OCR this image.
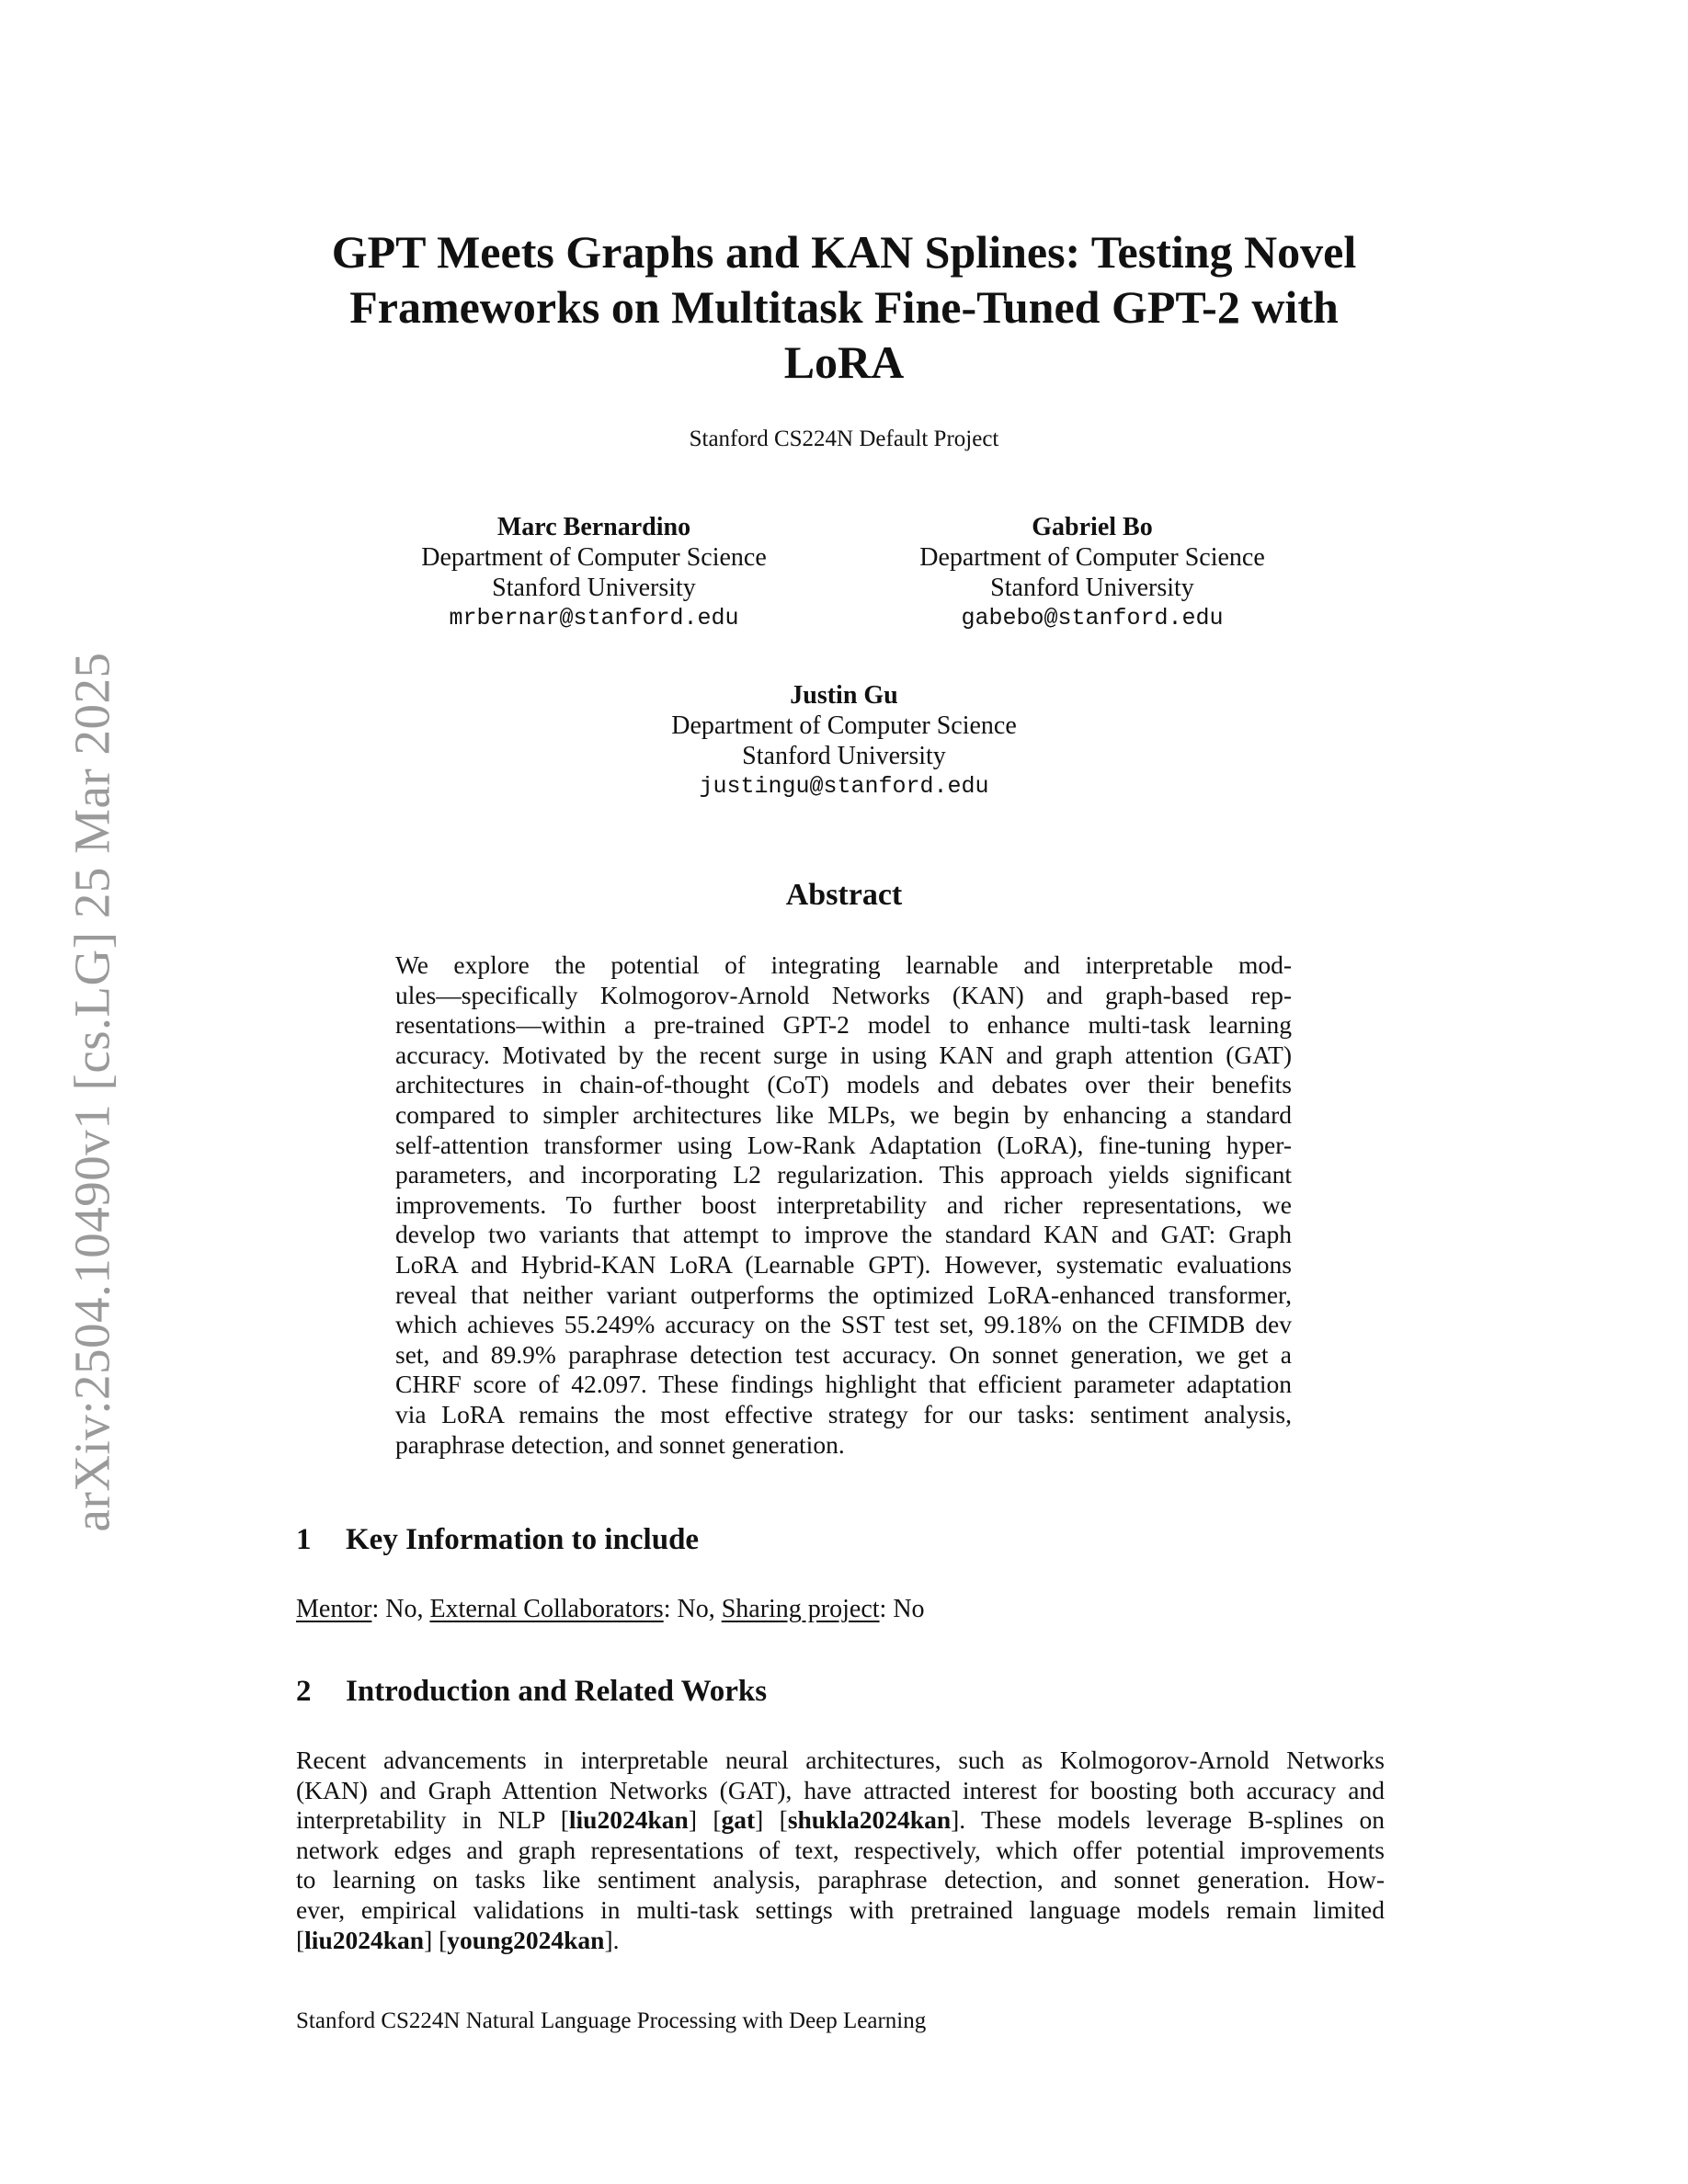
arXiv:2504.10490v1 [cs.LG] 25 Mar 2025
GPT Meets Graphs and KAN Splines: Testing Novel
Frameworks on Multitask Fine-Tuned GPT-2 with
LoRA
Stanford CS224N Default Project
Marc Bernardino
Department of Computer Science
Stanford University
mrbernar@stanford.edu
Gabriel Bo
Department of Computer Science
Stanford University
gabebo@stanford.edu
Justin Gu
Department of Computer Science
Stanford University
justingu@stanford.edu
Abstract
We explore the potential of integrating learnable and interpretable mod-
ules—specifically Kolmogorov-Arnold Networks (KAN) and graph-based rep-
resentations—within a pre-trained GPT-2 model to enhance multi-task learning
accuracy. Motivated by the recent surge in using KAN and graph attention (GAT)
architectures in chain-of-thought (CoT) models and debates over their benefits
compared to simpler architectures like MLPs, we begin by enhancing a standard
self-attention transformer using Low-Rank Adaptation (LoRA), fine-tuning hyper-
parameters, and incorporating L2 regularization. This approach yields significant
improvements. To further boost interpretability and richer representations, we
develop two variants that attempt to improve the standard KAN and GAT: Graph
LoRA and Hybrid-KAN LoRA (Learnable GPT). However, systematic evaluations
reveal that neither variant outperforms the optimized LoRA-enhanced transformer,
which achieves 55.249% accuracy on the SST test set, 99.18% on the CFIMDB dev
set, and 89.9% paraphrase detection test accuracy. On sonnet generation, we get a
CHRF score of 42.097. These findings highlight that efficient parameter adaptation
via LoRA remains the most effective strategy for our tasks: sentiment analysis,
paraphrase detection, and sonnet generation.
1 Key Information to include
Mentor: No, External Collaborators: No, Sharing project: No
2 Introduction and Related Works
Recent advancements in interpretable neural architectures, such as Kolmogorov-Arnold Networks
(KAN) and Graph Attention Networks (GAT), have attracted interest for boosting both accuracy and
interpretability in NLP [liu2024kan] [gat] [shukla2024kan]. These models leverage B-splines on
network edges and graph representations of text, respectively, which offer potential improvements
to learning on tasks like sentiment analysis, paraphrase detection, and sonnet generation. How-
ever, empirical validations in multi-task settings with pretrained language models remain limited
[liu2024kan] [young2024kan].
Stanford CS224N Natural Language Processing with Deep Learning
